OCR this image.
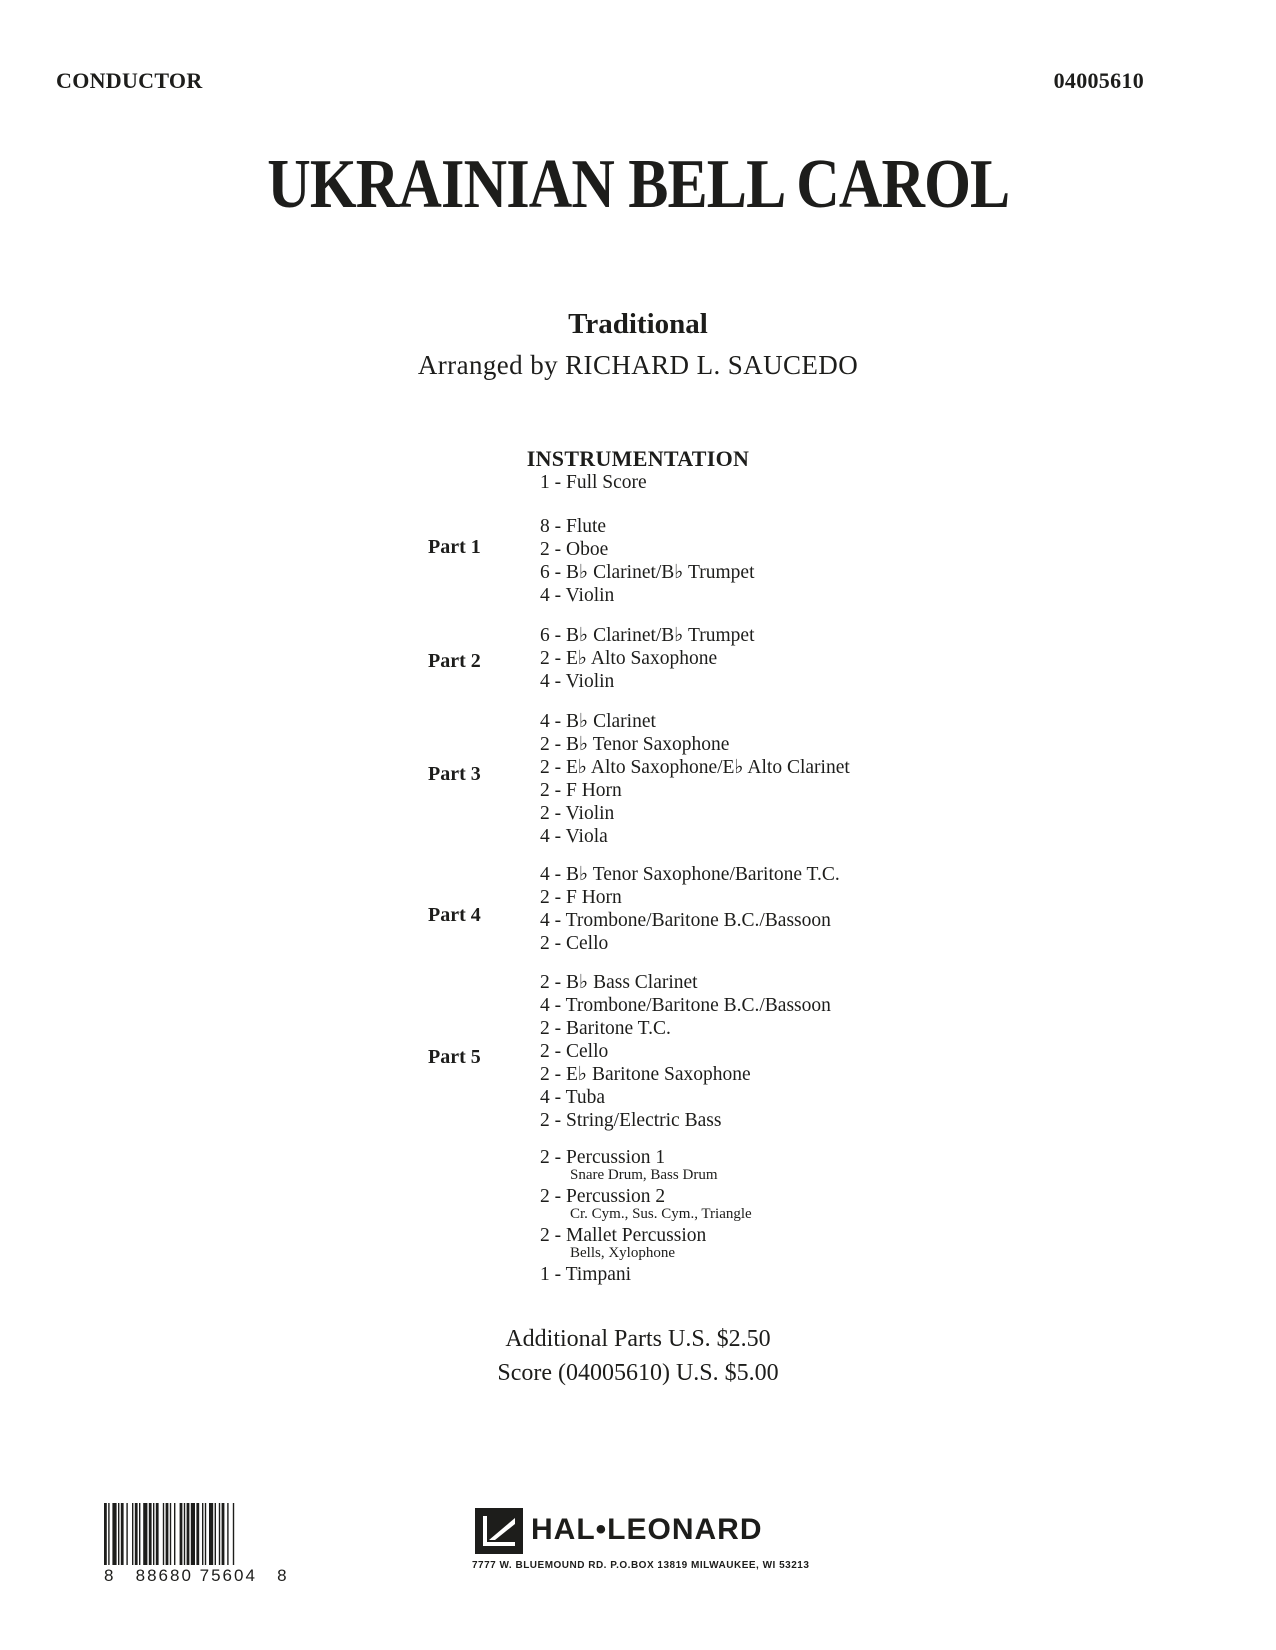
CONDUCTOR	04005610
UKRAINIAN BELL CAROL
Traditional
Arranged by RICHARD L. SAUCEDO
INSTRUMENTATION
1 - Full Score
Part 1
8 - Flute
2 - Oboe
6 - B♭ Clarinet/B♭ Trumpet
4 - Violin
Part 2
6 - B♭ Clarinet/B♭ Trumpet
2 - E♭ Alto Saxophone
4 - Violin
Part 3
4 - B♭ Clarinet
2 - B♭ Tenor Saxophone
2 - E♭ Alto Saxophone/E♭ Alto Clarinet
2 - F Horn
2 - Violin
4 - Viola
Part 4
4 - B♭ Tenor Saxophone/Baritone T.C.
2 - F Horn
4 - Trombone/Baritone B.C./Bassoon
2 - Cello
Part 5
2 - B♭ Bass Clarinet
4 - Trombone/Baritone B.C./Bassoon
2 - Baritone T.C.
2 - Cello
2 - E♭ Baritone Saxophone
4 - Tuba
2 - String/Electric Bass
2 - Percussion 1
Snare Drum, Bass Drum
2 - Percussion 2
Cr. Cym., Sus. Cym., Triangle
2 - Mallet Percussion
Bells, Xylophone
1 - Timpani
Additional Parts U.S. $2.50
Score (04005610) U.S. $5.00
8   88680 75604   8
HAL•LEONARD
7777 W. BLUEMOUND RD. P.O.BOX 13819 MILWAUKEE, WI 53213
